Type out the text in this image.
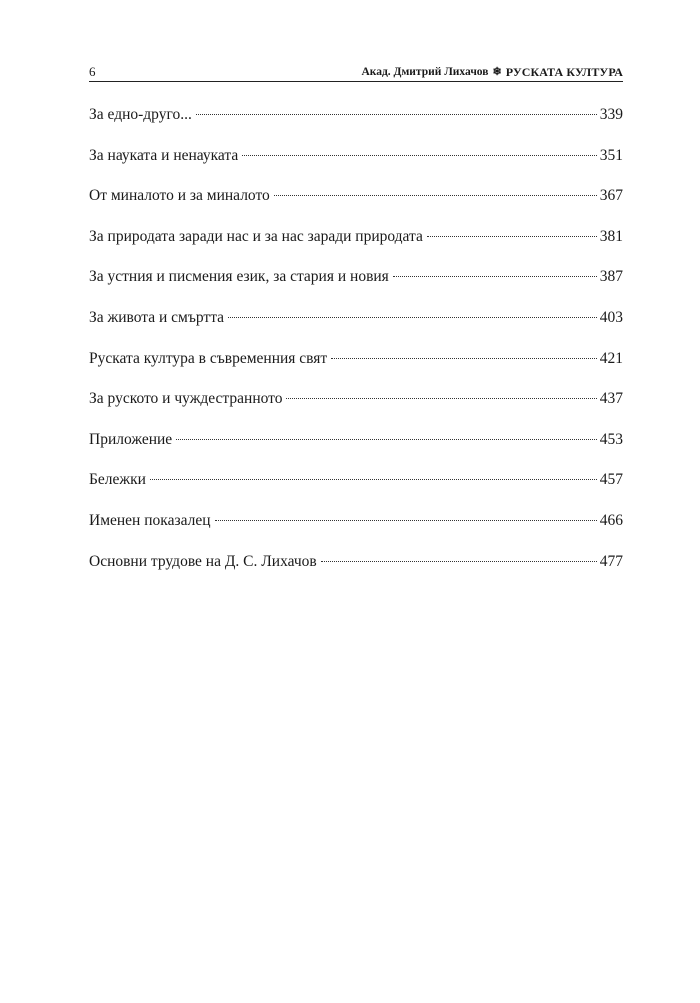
6	Акад. Дмитрий Лихачов ❄ РУСКАТА КУЛТУРА
За едно-друго...	339
За науката и ненауката	351
От миналото и за миналото	367
За природата заради нас и за нас заради природата	381
За устния и писмения език, за стария и новия	387
За живота и смъртта	403
Руската култура в съвременния свят	421
За руското и чуждестранното	437
Приложение	453
Бележки	457
Именен показалец	466
Основни трудове на Д. С. Лихачов	477
